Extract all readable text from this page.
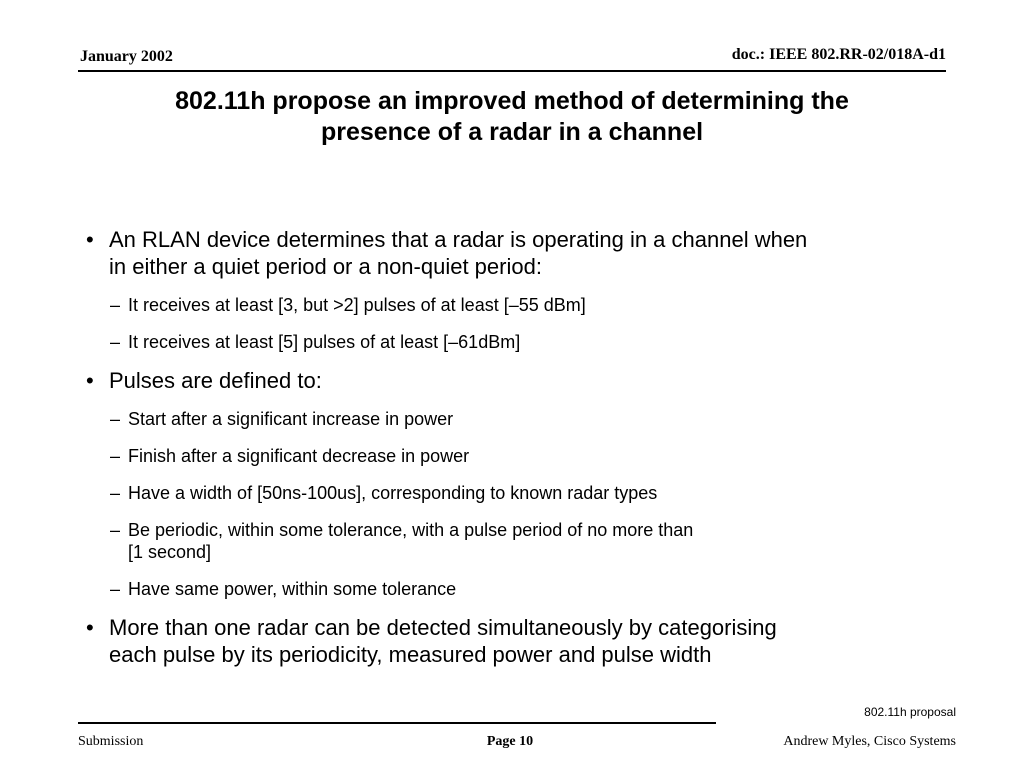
January 2002	doc.: IEEE 802.RR-02/018A-d1
802.11h propose an improved method of determining the
presence of a radar in a channel
• An RLAN device determines that a radar is operating in a channel when
in either a quiet period or a non-quiet period:
– It receives at least [3, but >2] pulses of at least [–55 dBm]
– It receives at least [5] pulses of at least [–61dBm]
• Pulses are defined to:
– Start after a significant increase in power
– Finish after a significant decrease in power
– Have a width of [50ns-100us], corresponding to known radar types
– Be periodic, within some tolerance, with a pulse period of no more than
[1 second]
– Have same power, within some tolerance
• More than one radar can be detected simultaneously by categorising
each pulse by its periodicity, measured power and pulse width
802.11h proposal
Submission	Page 10	Andrew Myles, Cisco Systems
